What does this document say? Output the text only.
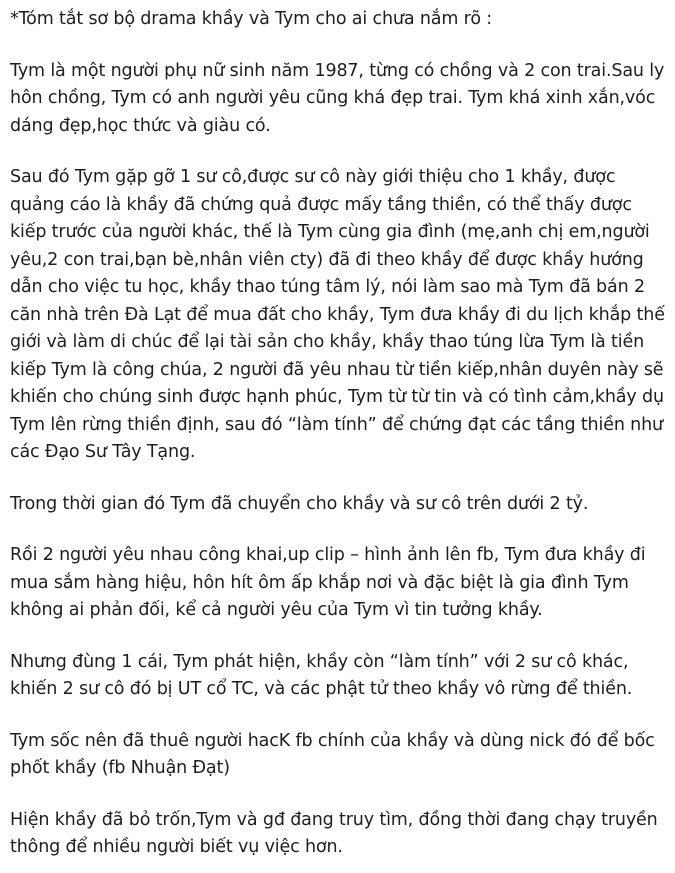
*Tóm tắt sơ bộ drama khầy và Tym cho ai chưa nắm rõ :

Tym là một người phụ nữ sinh năm 1987, từng có chồng và 2 con trai.Sau ly hôn chồng, Tym có anh người yêu cũng khá đẹp trai. Tym khá xinh xắn,vóc dáng đẹp,học thức và giàu có.

Sau đó Tym gặp gỡ 1 sư cô,được sư cô này giới thiệu cho 1 khầy, được quảng cáo là khầy đã chứng quả được mấy tầng thiền, có thể thấy được kiếp trước của người khác, thế là Tym cùng gia đình (mẹ,anh chị em,người yêu,2 con trai,bạn bè,nhân viên cty) đã đi theo khầy để được khầy hướng dẫn cho việc tu học, khầy thao túng tâm lý, nói làm sao mà Tym đã bán 2 căn nhà trên Đà Lạt để mua đất cho khầy, Tym đưa khầy đi du lịch khắp thế giới và làm di chúc để lại tài sản cho khầy, khầy thao túng lừa Tym là tiền kiếp Tym là công chúa, 2 người đã yêu nhau từ tiền kiếp,nhân duyên này sẽ khiến cho chúng sinh được hạnh phúc, Tym từ từ tin và có tình cảm,khầy dụ Tym lên rừng thiền định, sau đó “làm tính” để chứng đạt các tầng thiền như các Đạo Sư Tây Tạng.

Trong thời gian đó Tym đã chuyển cho khầy và sư cô trên dưới 2 tỷ.

Rồi 2 người yêu nhau công khai,up clip – hình ảnh lên fb, Tym đưa khầy đi mua sắm hàng hiệu, hôn hít ôm ấp khắp nơi và đặc biệt là gia đình Tym không ai phản đối, kể cả người yêu của Tym vì tin tưởng khầy.

Nhưng đùng 1 cái, Tym phát hiện, khầy còn “làm tính” với 2 sư cô khác, khiến 2 sư cô đó bị UT cổ TC, và các phật tử theo khầy vô rừng để thiền.

Tym sốc nên đã thuê người hacK fb chính của khầy và dùng nick đó để bốc phốt khầy (fb Nhuận Đạt)

Hiện khầy đã bỏ trốn,Tym và gđ đang truy tìm, đồng thời đang chạy truyền thông để nhiều người biết vụ việc hơn.
